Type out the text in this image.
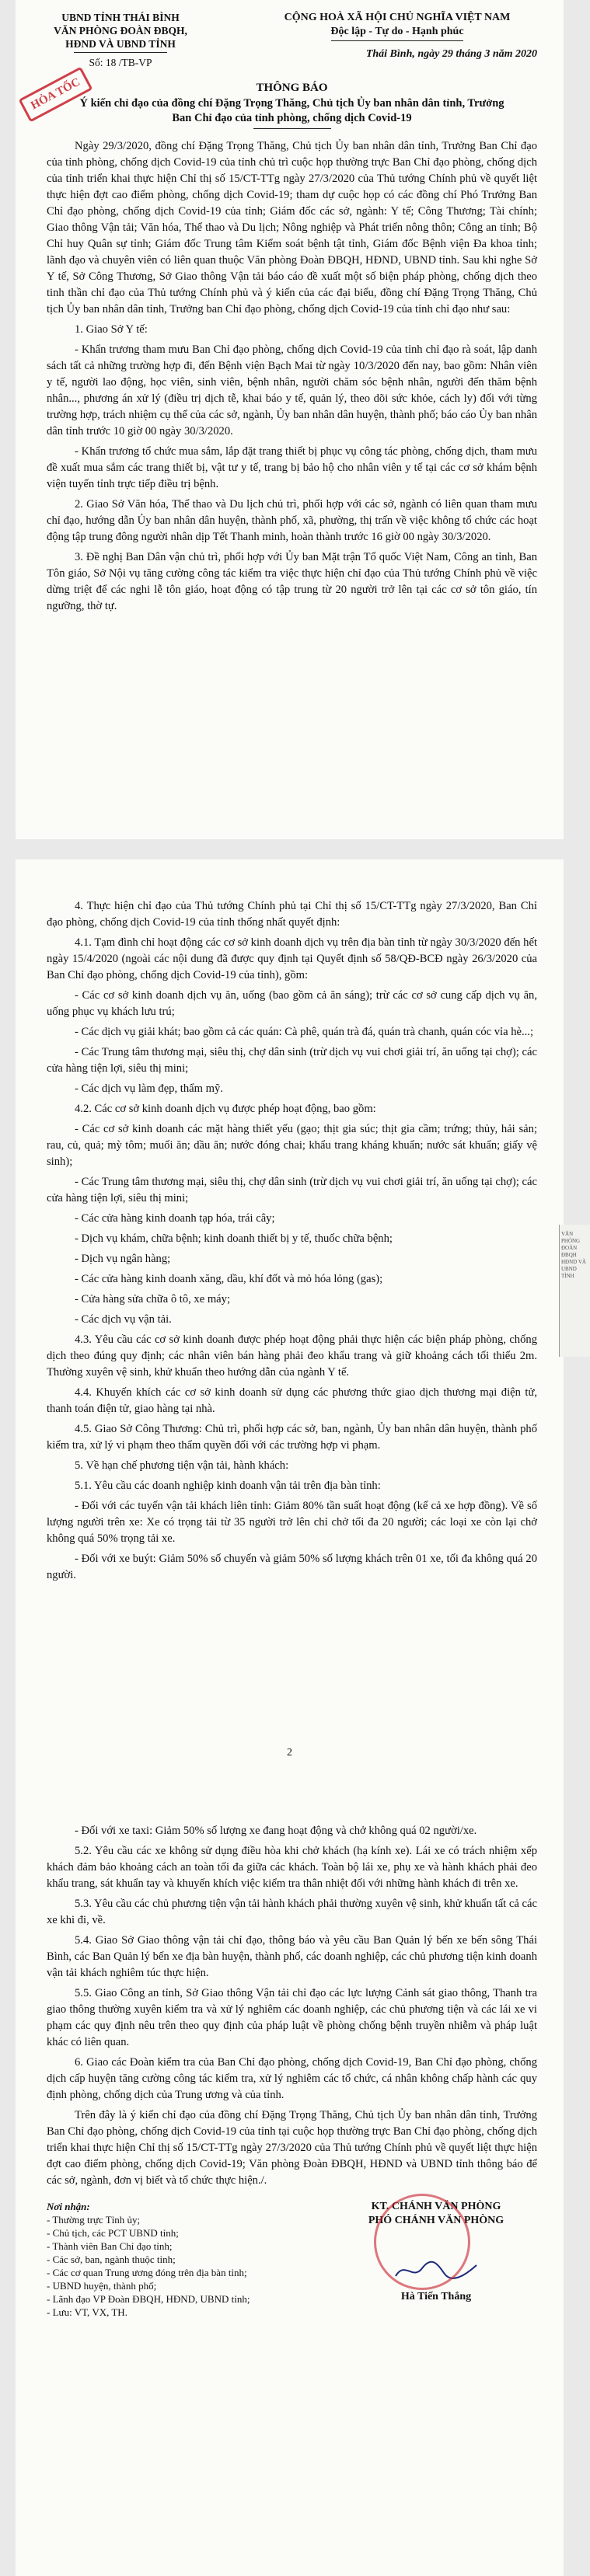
HỎA TỐC
UBND TỈNH THÁI BÌNH
VĂN PHÒNG ĐOÀN ĐBQH,
HĐND VÀ UBND TỈNH
Số: 18 /TB-VP
CỘNG HOÀ XÃ HỘI CHỦ NGHĨA VIỆT NAM
Độc lập - Tự do - Hạnh phúc
Thái Bình, ngày 29 tháng 3 năm 2020
THÔNG BÁO
Ý kiến chỉ đạo của đồng chí Đặng Trọng Thăng, Chủ tịch Ủy ban nhân dân tỉnh, Trưởng Ban Chỉ đạo của tỉnh phòng, chống dịch Covid-19

Ngày 29/3/2020, đồng chí Đặng Trọng Thăng, Chủ tịch Ủy ban nhân dân tỉnh, Trưởng Ban Chỉ đạo của tỉnh phòng, chống dịch Covid-19 của tỉnh chủ trì cuộc họp thường trực Ban Chỉ đạo phòng, chống dịch của tỉnh triển khai thực hiện Chỉ thị số 15/CT-TTg ngày 27/3/2020 của Thủ tướng Chính phủ về quyết liệt thực hiện đợt cao điểm phòng, chống dịch Covid-19; tham dự cuộc họp có các đồng chí Phó Trưởng Ban Chỉ đạo phòng, chống dịch Covid-19 của tỉnh; Giám đốc các sở, ngành: Y tế; Công Thương; Tài chính; Giao thông Vận tải; Văn hóa, Thể thao và Du lịch; Nông nghiệp và Phát triển nông thôn; Công an tỉnh; Bộ Chỉ huy Quân sự tỉnh; Giám đốc Trung tâm Kiểm soát bệnh tật tỉnh, Giám đốc Bệnh viện Đa khoa tỉnh; lãnh đạo và chuyên viên có liên quan thuộc Văn phòng Đoàn ĐBQH, HĐND, UBND tỉnh. Sau khi nghe Sở Y tế, Sở Công Thương, Sở Giao thông Vận tải báo cáo đề xuất một số biện pháp phòng, chống dịch theo tinh thần chỉ đạo của Thủ tướng Chính phủ và ý kiến của các đại biểu, đồng chí Đặng Trọng Thăng, Chủ tịch Ủy ban nhân dân tỉnh, Trưởng ban Chỉ đạo phòng, chống dịch Covid-19 của tỉnh chỉ đạo như sau:

1. Giao Sở Y tế:

- Khẩn trương tham mưu Ban Chỉ đạo phòng, chống dịch Covid-19 của tỉnh chỉ đạo rà soát, lập danh sách tất cả những trường hợp đi, đến Bệnh viện Bạch Mai từ ngày 10/3/2020 đến nay, bao gồm: Nhân viên y tế, người lao động, học viên, sinh viên, bệnh nhân, người chăm sóc bệnh nhân, người đến thăm bệnh nhân..., phương án xử lý (điều trị dịch tễ, khai báo y tế, quản lý, theo dõi sức khỏe, cách ly) đối với từng trường hợp, trách nhiệm cụ thể của các sở, ngành, Ủy ban nhân dân huyện, thành phố; báo cáo Ủy ban nhân dân tỉnh trước 10 giờ 00 ngày 30/3/2020.

- Khẩn trương tổ chức mua sắm, lắp đặt trang thiết bị phục vụ công tác phòng, chống dịch, tham mưu đề xuất mua sắm các trang thiết bị, vật tư y tế, trang bị bảo hộ cho nhân viên y tế tại các cơ sở khám bệnh viện tuyến tỉnh trực tiếp điều trị bệnh.

2. Giao Sở Văn hóa, Thể thao và Du lịch chủ trì, phối hợp với các sở, ngành có liên quan tham mưu chỉ đạo, hướng dẫn Ủy ban nhân dân huyện, thành phố, xã, phường, thị trấn về việc không tổ chức các hoạt động tập trung đông người nhân dịp Tết Thanh minh, hoàn thành trước 16 giờ 00 ngày 30/3/2020.

3. Đề nghị Ban Dân vận chủ trì, phối hợp với Ủy ban Mặt trận Tổ quốc Việt Nam, Công an tỉnh, Ban Tôn giáo, Sở Nội vụ tăng cường công tác kiểm tra việc thực hiện chỉ đạo của Thủ tướng Chính phủ về việc dừng triệt để các nghi lễ tôn giáo, hoạt động có tập trung từ 20 người trở lên tại các cơ sở tôn giáo, tín ngưỡng, thờ tự.

VĂN PHÒNG ĐOÀN ĐBQH HĐND VÀ UBND TỈNH

4. Thực hiện chỉ đạo của Thủ tướng Chính phủ tại Chỉ thị số 15/CT-TTg ngày 27/3/2020, Ban Chỉ đạo phòng, chống dịch Covid-19 của tỉnh thống nhất quyết định:

4.1. Tạm đình chỉ hoạt động các cơ sở kinh doanh dịch vụ trên địa bàn tỉnh từ ngày 30/3/2020 đến hết ngày 15/4/2020 (ngoài các nội dung đã được quy định tại Quyết định số 58/QĐ-BCĐ ngày 26/3/2020 của Ban Chỉ đạo phòng, chống dịch Covid-19 của tỉnh), gồm:

- Các cơ sở kinh doanh dịch vụ ăn, uống (bao gồm cả ăn sáng); trừ các cơ sở cung cấp dịch vụ ăn, uống phục vụ khách lưu trú;

- Các dịch vụ giải khát; bao gồm cả các quán: Cà phê, quán trà đá, quán trà chanh, quán cóc vỉa hè...;

- Các Trung tâm thương mại, siêu thị, chợ dân sinh (trừ dịch vụ vui chơi giải trí, ăn uống tại chợ); các cửa hàng tiện lợi, siêu thị mini;

- Các dịch vụ làm đẹp, thẩm mỹ.

4.2. Các cơ sở kinh doanh dịch vụ được phép hoạt động, bao gồm:

- Các cơ sở kinh doanh các mặt hàng thiết yếu (gạo; thịt gia súc; thịt gia cầm; trứng; thủy, hải sản; rau, củ, quả; mỳ tôm; muối ăn; dầu ăn; nước đóng chai; khẩu trang kháng khuẩn; nước sát khuẩn; giấy vệ sinh);

- Các Trung tâm thương mại, siêu thị, chợ dân sinh (trừ dịch vụ vui chơi giải trí, ăn uống tại chợ); các cửa hàng tiện lợi, siêu thị mini;

- Các cửa hàng kinh doanh tạp hóa, trái cây;

- Dịch vụ khám, chữa bệnh; kinh doanh thiết bị y tế, thuốc chữa bệnh;

- Dịch vụ ngân hàng;

- Các cửa hàng kinh doanh xăng, dầu, khí đốt và mỏ hóa lỏng (gas);

- Cửa hàng sửa chữa ô tô, xe máy;

- Các dịch vụ vận tải.

4.3. Yêu cầu các cơ sở kinh doanh được phép hoạt động phải thực hiện các biện pháp phòng, chống dịch theo đúng quy định; các nhân viên bán hàng phải đeo khẩu trang và giữ khoảng cách tối thiểu 2m. Thường xuyên vệ sinh, khử khuẩn theo hướng dẫn của ngành Y tế.

4.4. Khuyến khích các cơ sở kinh doanh sử dụng các phương thức giao dịch thương mại điện tử, thanh toán điện tử, giao hàng tại nhà.

4.5. Giao Sở Công Thương: Chủ trì, phối hợp các sở, ban, ngành, Ủy ban nhân dân huyện, thành phố kiểm tra, xử lý vi phạm theo thẩm quyền đối với các trường hợp vi phạm.

5. Về hạn chế phương tiện vận tải, hành khách:

5.1. Yêu cầu các doanh nghiệp kinh doanh vận tải trên địa bàn tỉnh:

- Đối với các tuyến vận tải khách liên tỉnh: Giảm 80% tần suất hoạt động (kể cả xe hợp đồng). Về số lượng người trên xe: Xe có trọng tải từ 35 người trở lên chỉ chở tối đa 20 người; các loại xe còn lại chở không quá 50% trọng tải xe.

- Đối với xe buýt: Giảm 50% số chuyến và giảm 50% số lượng khách trên 01 xe, tối đa không quá 20 người.

2

- Đối với xe taxi: Giảm 50% số lượng xe đang hoạt động và chở không quá 02 người/xe.

5.2. Yêu cầu các xe không sử dụng điều hòa khi chở khách (hạ kính xe). Lái xe có trách nhiệm xếp khách đảm bảo khoảng cách an toàn tối đa giữa các khách. Toàn bộ lái xe, phụ xe và hành khách phải đeo khẩu trang, sát khuẩn tay và khuyến khích việc kiểm tra thân nhiệt đối với những hành khách đi trên xe.

5.3. Yêu cầu các chủ phương tiện vận tải hành khách phải thường xuyên vệ sinh, khử khuẩn tất cả các xe khi đi, về.

5.4. Giao Sở Giao thông vận tải chỉ đạo, thông báo và yêu cầu Ban Quản lý bến xe bến sông Thái Bình, các Ban Quản lý bến xe địa bàn huyện, thành phố, các doanh nghiệp, các chủ phương tiện kinh doanh vận tải khách nghiêm túc thực hiện.

5.5. Giao Công an tỉnh, Sở Giao thông Vận tải chỉ đạo các lực lượng Cảnh sát giao thông, Thanh tra giao thông thường xuyên kiểm tra và xử lý nghiêm các doanh nghiệp, các chủ phương tiện và các lái xe vi phạm các quy định nêu trên theo quy định của pháp luật về phòng chống bệnh truyền nhiễm và pháp luật khác có liên quan.

6. Giao các Đoàn kiểm tra của Ban Chỉ đạo phòng, chống dịch Covid-19, Ban Chỉ đạo phòng, chống dịch cấp huyện tăng cường công tác kiểm tra, xử lý nghiêm các tổ chức, cá nhân không chấp hành các quy định phòng, chống dịch của Trung ương và của tỉnh.

Trên đây là ý kiến chỉ đạo của đồng chí Đặng Trọng Thăng, Chủ tịch Ủy ban nhân dân tỉnh, Trưởng Ban Chỉ đạo phòng, chống dịch Covid-19 của tỉnh tại cuộc họp thường trực Ban Chỉ đạo phòng, chống dịch triển khai thực hiện Chỉ thị số 15/CT-TTg ngày 27/3/2020 của Thủ tướng Chính phủ về quyết liệt thực hiện đợt cao điểm phòng, chống dịch Covid-19; Văn phòng Đoàn ĐBQH, HĐND và UBND tỉnh thông báo để các sở, ngành, đơn vị biết và tổ chức thực hiện./.

Nơi nhận:
- Thường trực Tỉnh ủy;
- Chủ tịch, các PCT UBND tỉnh;
- Thành viên Ban Chỉ đạo tỉnh;
- Các sở, ban, ngành thuộc tỉnh;
- Các cơ quan Trung ương đóng trên địa bàn tỉnh;
- UBND huyện, thành phố;
- Lãnh đạo VP Đoàn ĐBQH, HĐND, UBND tỉnh;
- Lưu: VT, VX, TH.
KT. CHÁNH VĂN PHÒNG
PHÓ CHÁNH VĂN PHÒNG
Hà Tiến Thắng
